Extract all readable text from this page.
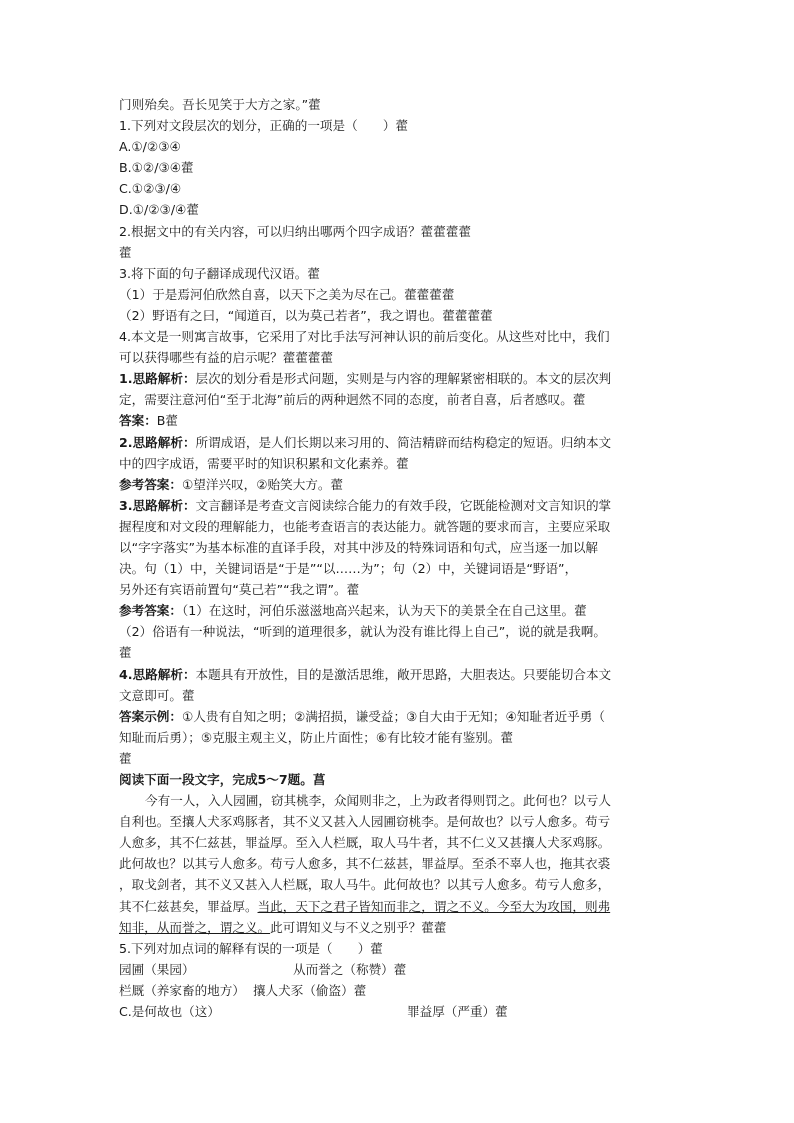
门则殆矣。吾长见笑于大方之家。”藿
1.下列对文段层次的划分，正确的一项是（　　）藿
A.①/②③④
B.①②/③④藿
C.①②③/④
D.①/②③/④藿
2.根据文中的有关内容，可以归纳出哪两个四字成语？藿藿藿藿
藿
3.将下面的句子翻译成现代汉语。藿
（1）于是焉河伯欣然自喜，以天下之美为尽在己。藿藿藿藿
（2）野语有之曰，“闻道百，以为莫己若者”，我之谓也。藿藿藿藿
4.本文是一则寓言故事，它采用了对比手法写河神认识的前后变化。从这些对比中，我们
可以获得哪些有益的启示呢？藿藿藿藿
1.思路解析：层次的划分看是形式问题，实则是与内容的理解紧密相联的。本文的层次判
定，需要注意河伯“至于北海”前后的两种迥然不同的态度，前者自喜，后者感叹。藿
答案：B藿
2.思路解析：所谓成语，是人们长期以来习用的、简洁精辟而结构稳定的短语。归纳本文
中的四字成语，需要平时的知识积累和文化素养。藿
参考答案：①望洋兴叹，②贻笑大方。藿
3.思路解析：文言翻译是考查文言阅读综合能力的有效手段，它既能检测对文言知识的掌
握程度和对文段的理解能力，也能考查语言的表达能力。就答题的要求而言，主要应采取
以“字字落实”为基本标准的直译手段，对其中涉及的特殊词语和句式，应当逐一加以解
决。句（1）中，关键词语是“于是”“以……为”；句（2）中，关键词语是“野语”，
另外还有宾语前置句“莫己若”“我之谓”。藿
参考答案：（1）在这时，河伯乐滋滋地高兴起来，认为天下的美景全在自己这里。藿
（2）俗语有一种说法，“听到的道理很多，就认为没有谁比得上自己”，说的就是我啊。
藿
4.思路解析：本题具有开放性，目的是激活思维，敞开思路，大胆表达。只要能切合本文
文意即可。藿
答案示例：①人贵有自知之明；②满招损，谦受益；③自大由于无知；④知耻者近乎勇（
知耻而后勇）；⑤克服主观主义，防止片面性；⑥有比较才能有鉴别。藿
藿
阅读下面一段文字，完成5～7题。菖
今有一人，入人园圃，窃其桃李，众闻则非之，上为政者得则罚之。此何也？以亏人
自利也。至攘人犬豕鸡豚者，其不义又甚入人园圃窃桃李。是何故也？以亏人愈多。苟亏
人愈多，其不仁兹甚，罪益厚。至入人栏厩，取人马牛者，其不仁义又甚攘人犬豕鸡豚。
此何故也？以其亏人愈多。苟亏人愈多，其不仁兹甚，罪益厚。至杀不辜人也，拖其衣裘
，取戈剑者，其不义又甚入人栏厩，取人马牛。此何故也？以其亏人愈多。苟亏人愈多，
其不仁兹甚矣，罪益厚。当此，天下之君子皆知而非之，谓之不义。今至大为攻国，则弗
知非，从而誉之，谓之义。此可谓知义与不义之别乎？藿藿
5.下列对加点词的解释有误的一项是（　　）藿
园圃（果园）	从而誉之（称赞）藿
栏厩（养家畜的地方）  攘人犬豕（偷盗）藿
C.是何故也（这）	罪益厚（严重）藿
